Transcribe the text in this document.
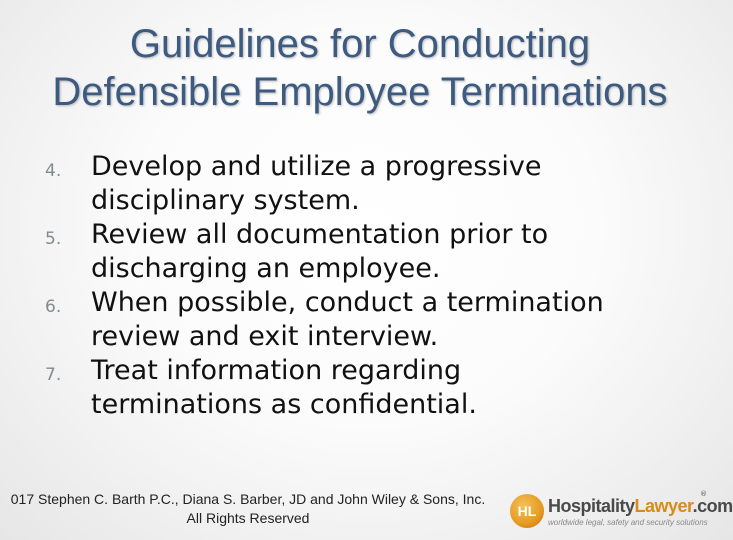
Guidelines for Conducting
Defensible Employee Terminations
4. Develop and utilize a progressive
disciplinary system.
5. Review all documentation prior to
discharging an employee.
6. When possible, conduct a termination
review and exit interview.
7. Treat information regarding
terminations as confidential.
017 Stephen C. Barth P.C., Diana S. Barber, JD and John Wiley & Sons, Inc.
All Rights Reserved	HL HospitalityLawyer.com
®
worldwide legal, safety and security solutions
